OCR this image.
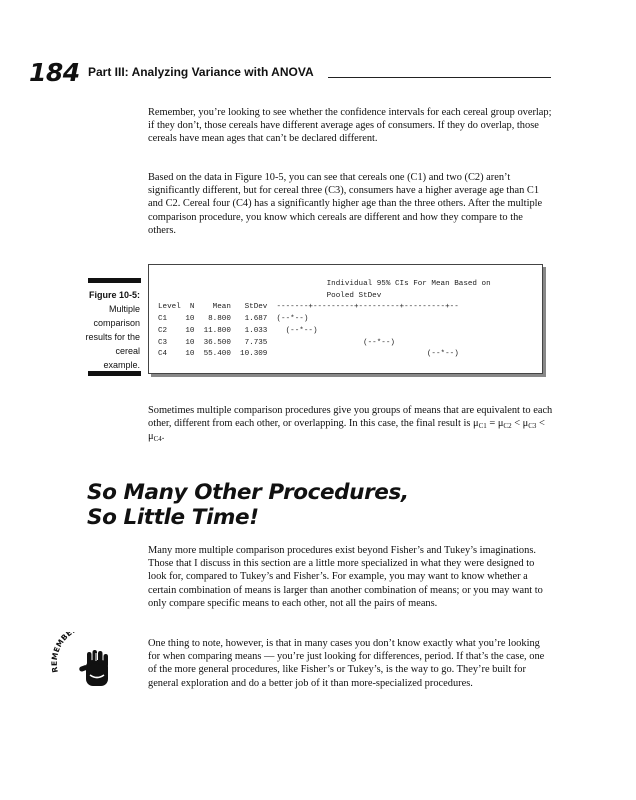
184 Part III: Analyzing Variance with ANOVA

Remember, you’re looking to see whether the confidence intervals for each cereal group overlap; if they don’t, those cereals have different average ages of consumers. If they do overlap, those cereals have mean ages that can’t be declared different.

Based on the data in Figure 10-5, you can see that cereals one (C1) and two (C2) aren’t significantly different, but for cereal three (C3), consumers have a higher average age than C1 and C2. Cereal four (C4) has a significantly higher age than the three others. After the multiple comparison procedure, you know which cereals are different and how they compare to the others.

Figure 10-5:
Multiple comparison results for the cereal example.
Individual 95% CIs For Mean Based on
Pooled StDev
Level  N    Mean   StDev  -------+---------+---------+---------+--
C1    10   8.800   1.687  (--*--)
C2    10  11.800   1.033    (--*--)
C3    10  36.500   7.735                     (--*--)
C4    10  55.400  10.309                                   (--*--)

Sometimes multiple comparison procedures give you groups of means that are equivalent to each other, different from each other, or overlapping. In this case, the final result is $\mu_{C1} = \mu_{C2} < \mu_{C3} < \mu_{C4}$.

So Many Other Procedures,
So Little Time!

Many more multiple comparison procedures exist beyond Fisher’s and Tukey’s imaginations. Those that I discuss in this section are a little more specialized in what they were designed to look for, compared to Tukey’s and Fisher’s. For example, you may want to know whether a certain combination of means is larger than another combination of means; or you may want to only compare specific means to each other, not all the pairs of means.

REMEMBE

One thing to note, however, is that in many cases you don’t know exactly what you’re looking for when comparing means — you’re just looking for differences, period. If that’s the case, one of the more general procedures, like Fisher’s or Tukey’s, is the way to go. They’re built for general exploration and do a better job of it than more-specialized procedures.
